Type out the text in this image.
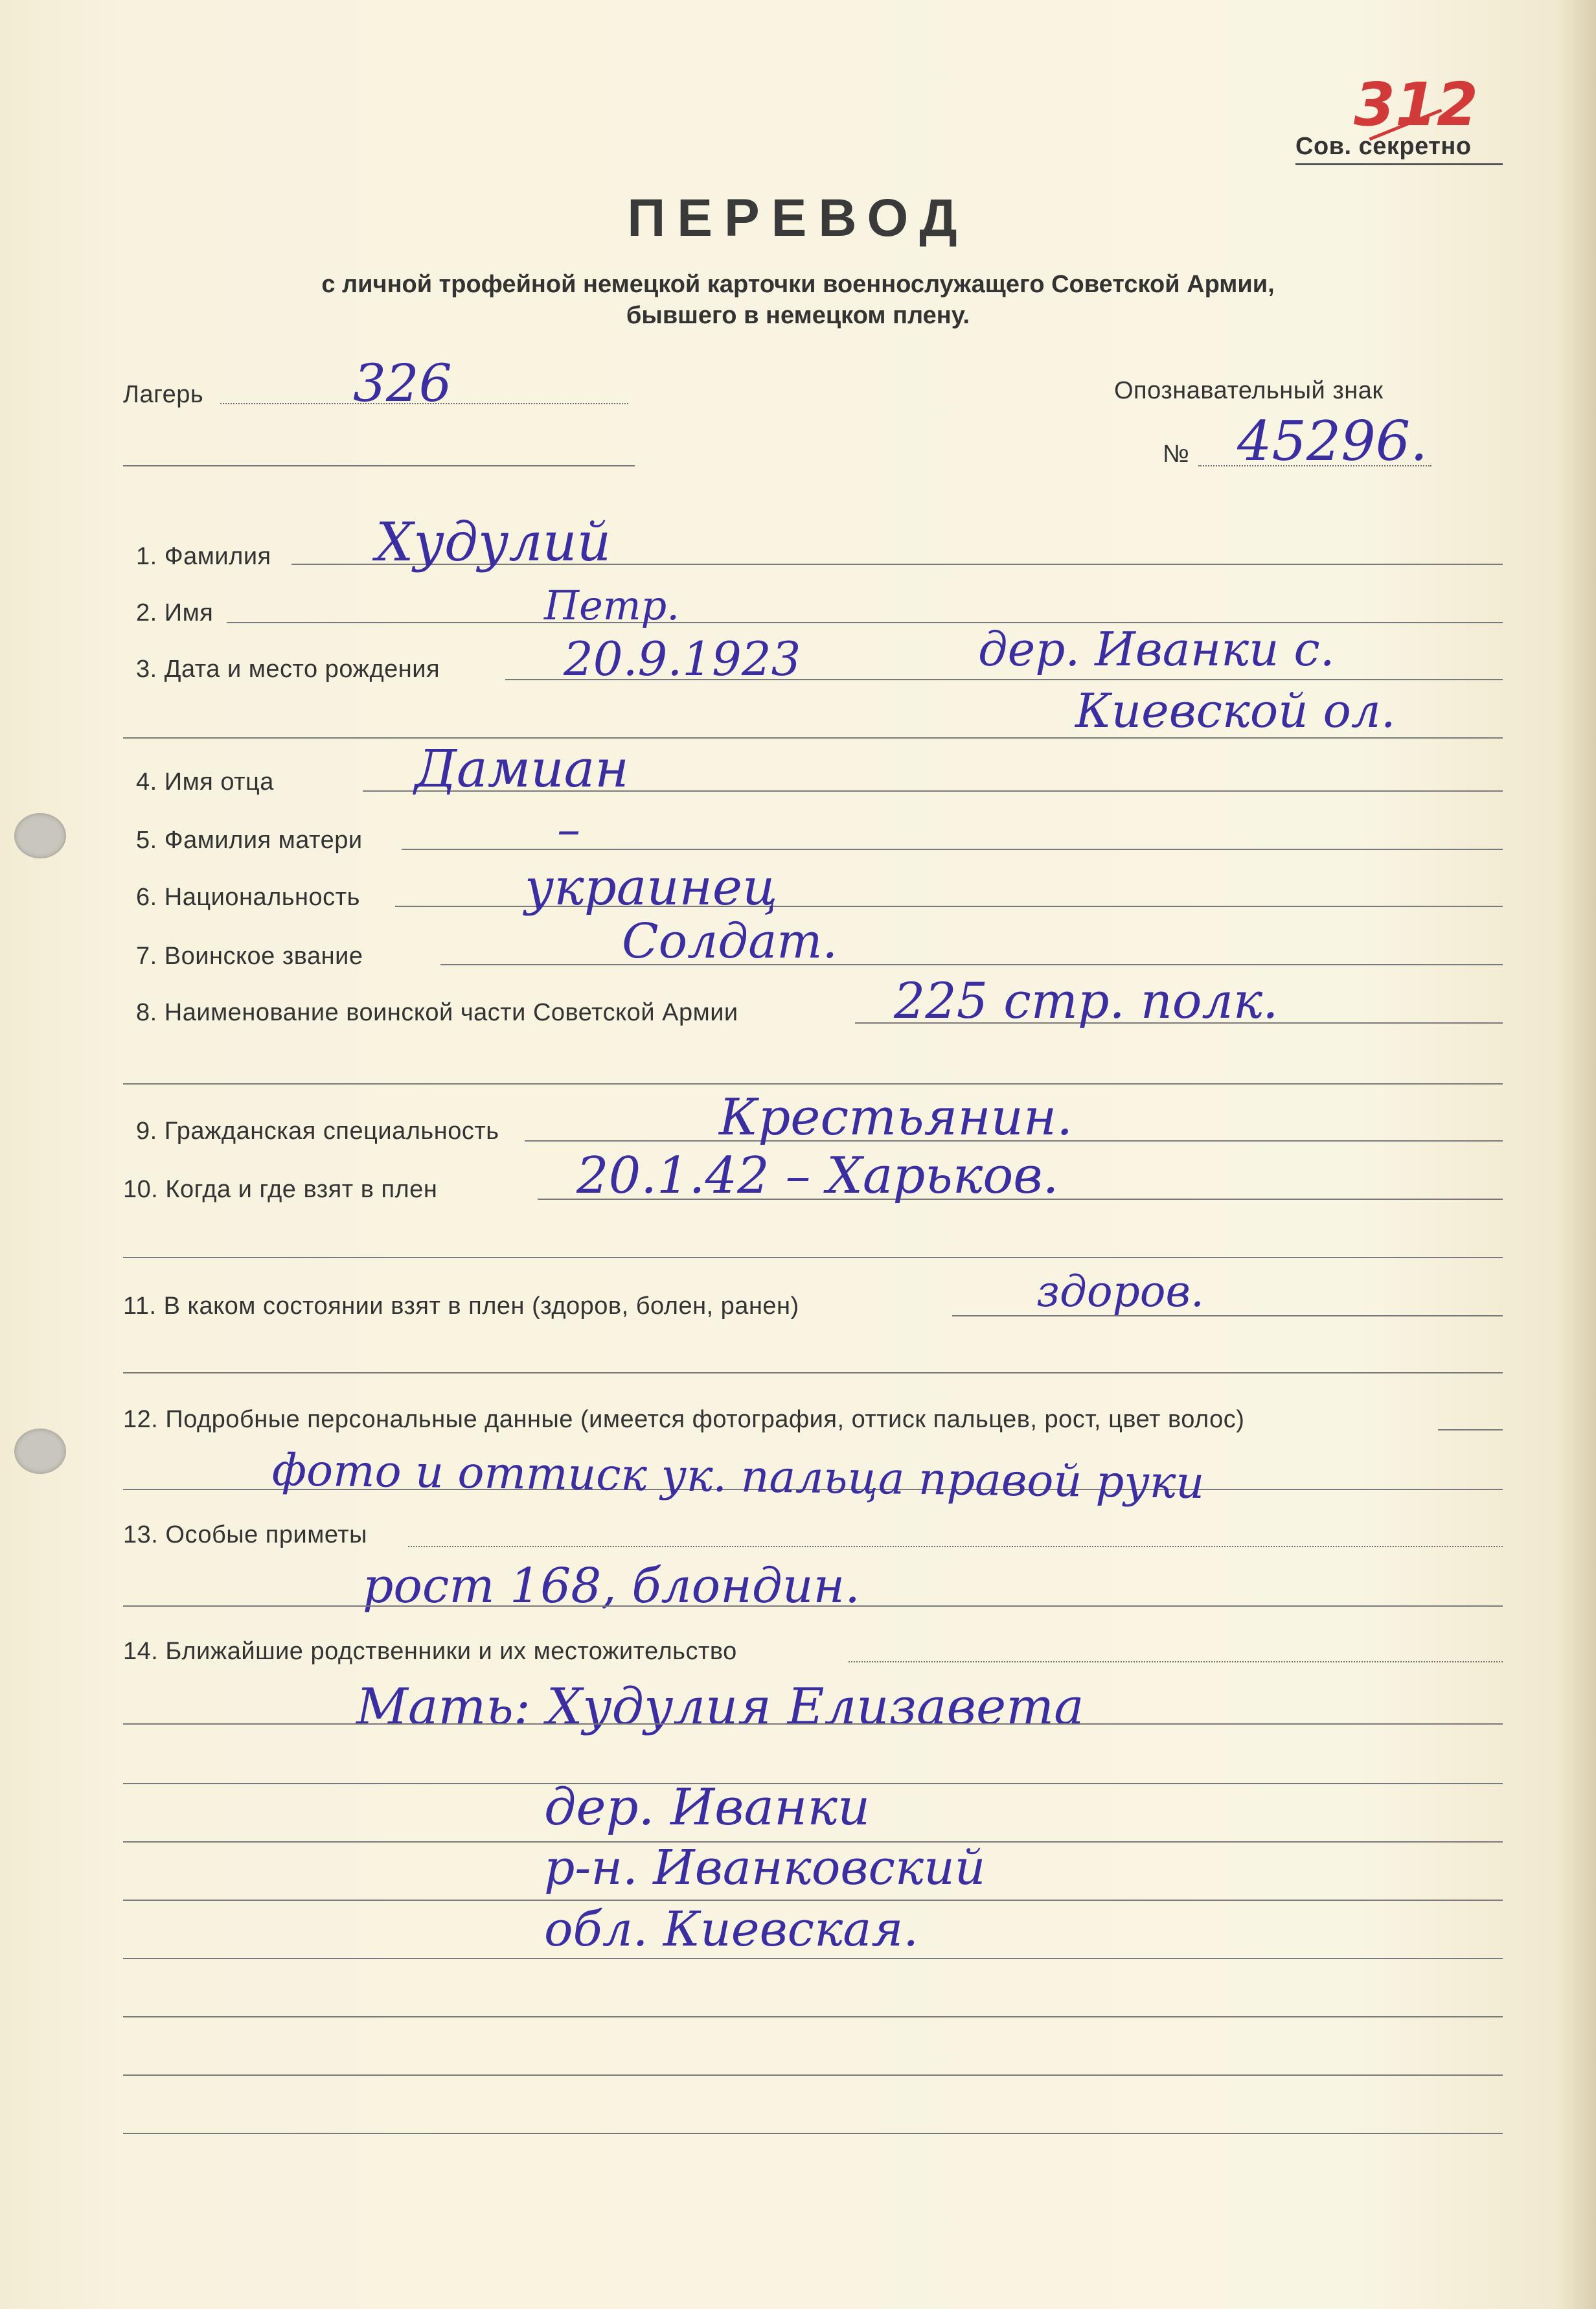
312
Сов. секретно
ПЕРЕВОД
с личной трофейной немецкой карточки военнослужащего Советской Армии,
бывшего в немецком плену.
Лагерь	326	Опознавательный знак
№ 45296.
1. Фамилия Худулий
2. Имя	Петр.
3. Дата и место рождения	20.9.1923	дер. Иванки с.
Киевской ол.
4. Имя отца	Дамиан
5. Фамилия матери	–
6. Национальность	украинец
7. Воинское звание	Солдат.
8. Наименование воинской части Советской Армии	225 стр. полк.
9. Гражданская специальность	Крестьянин.
10. Когда и где взят в плен	20.1.42 – Харьков.
11. В каком состоянии взят в плен (здоров, болен, ранен)	здоров.
12. Подробные персональные данные (имеется фотография, оттиск пальцев, рост, цвет волос)
фото и оттиск ук. пальца правой руки
13. Особые приметы
рост 168, блондин.
14. Ближайшие родственники и их местожительство
Мать: Худулия Елизавета
дер. Иванки
р-н. Иванковский
обл. Киевская.
